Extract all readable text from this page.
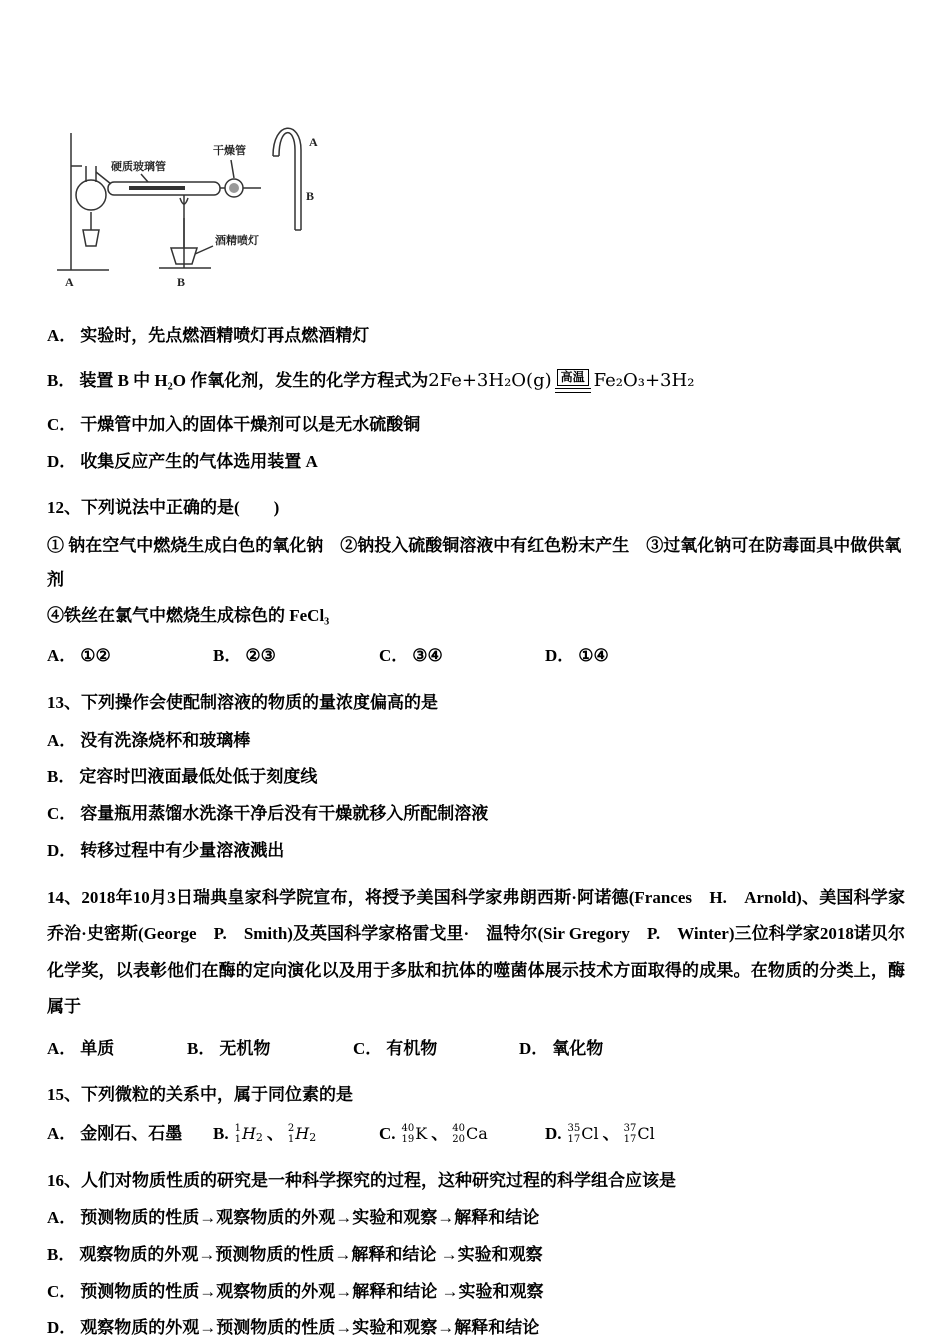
硬质玻璃管
干燥管
酒精喷灯
A	B
A
B
A． 实验时，先点燃酒精喷灯再点燃酒精灯
B． 装置 B 中 H₂O 作氧化剂，发生的化学方程式为 2Fe+3H₂O(g) 高温 Fe₂O₃+3H₂
C． 干燥管中加入的固体干燥剂可以是无水硫酸铜
D． 收集反应产生的气体选用装置 A
12、下列说法中正确的是(　　)
① 钠在空气中燃烧生成白色的氧化钠　②钠投入硫酸铜溶液中有红色粉末产生　③过氧化钠可在防毒面具中做供氧剂
④铁丝在氯气中燃烧生成棕色的 FeCl₃
A． ①②	B． ②③	C． ③④	D． ①④
13、下列操作会使配制溶液的物质的量浓度偏高的是
A． 没有洗涤烧杯和玻璃棒
B． 定容时凹液面最低处低于刻度线
C． 容量瓶用蒸馏水洗涤干净后没有干燥就移入所配制溶液
D． 转移过程中有少量溶液溅出
14、2018年10月3日瑞典皇家科学院宣布，将授予美国科学家弗朗西斯·阿诺德(Frances　H.　Arnold)、美国科学家乔治·史密斯(George　P.　Smith)及英国科学家格雷戈里·　温特尔(Sir Gregory　P.　Winter)三位科学家2018诺贝尔化学奖，以表彰他们在酶的定向演化以及用于多肽和抗体的噬菌体展示技术方面取得的成果。在物质的分类上，酶属于
A． 单质	B． 无机物	C． 有机物	D． 氧化物
15、下列微粒的关系中，属于同位素的是
A． 金刚石、石墨 B. 1
1 H 2 、 2
1 H 2	C. 40
19 K 、 40
20 Ca	D. 35
17 Cl 、 37
17 Cl
16、人们对物质性质的研究是一种科学探究的过程，这种研究过程的科学组合应该是
A． 预测物质的性质→观察物质的外观→实验和观察→解释和结论
B． 观察物质的外观→预测物质的性质→解释和结论 →实验和观察
C． 预测物质的性质→观察物质的外观→解释和结论 →实验和观察
D． 观察物质的外观→预测物质的性质→实验和观察→解释和结论
